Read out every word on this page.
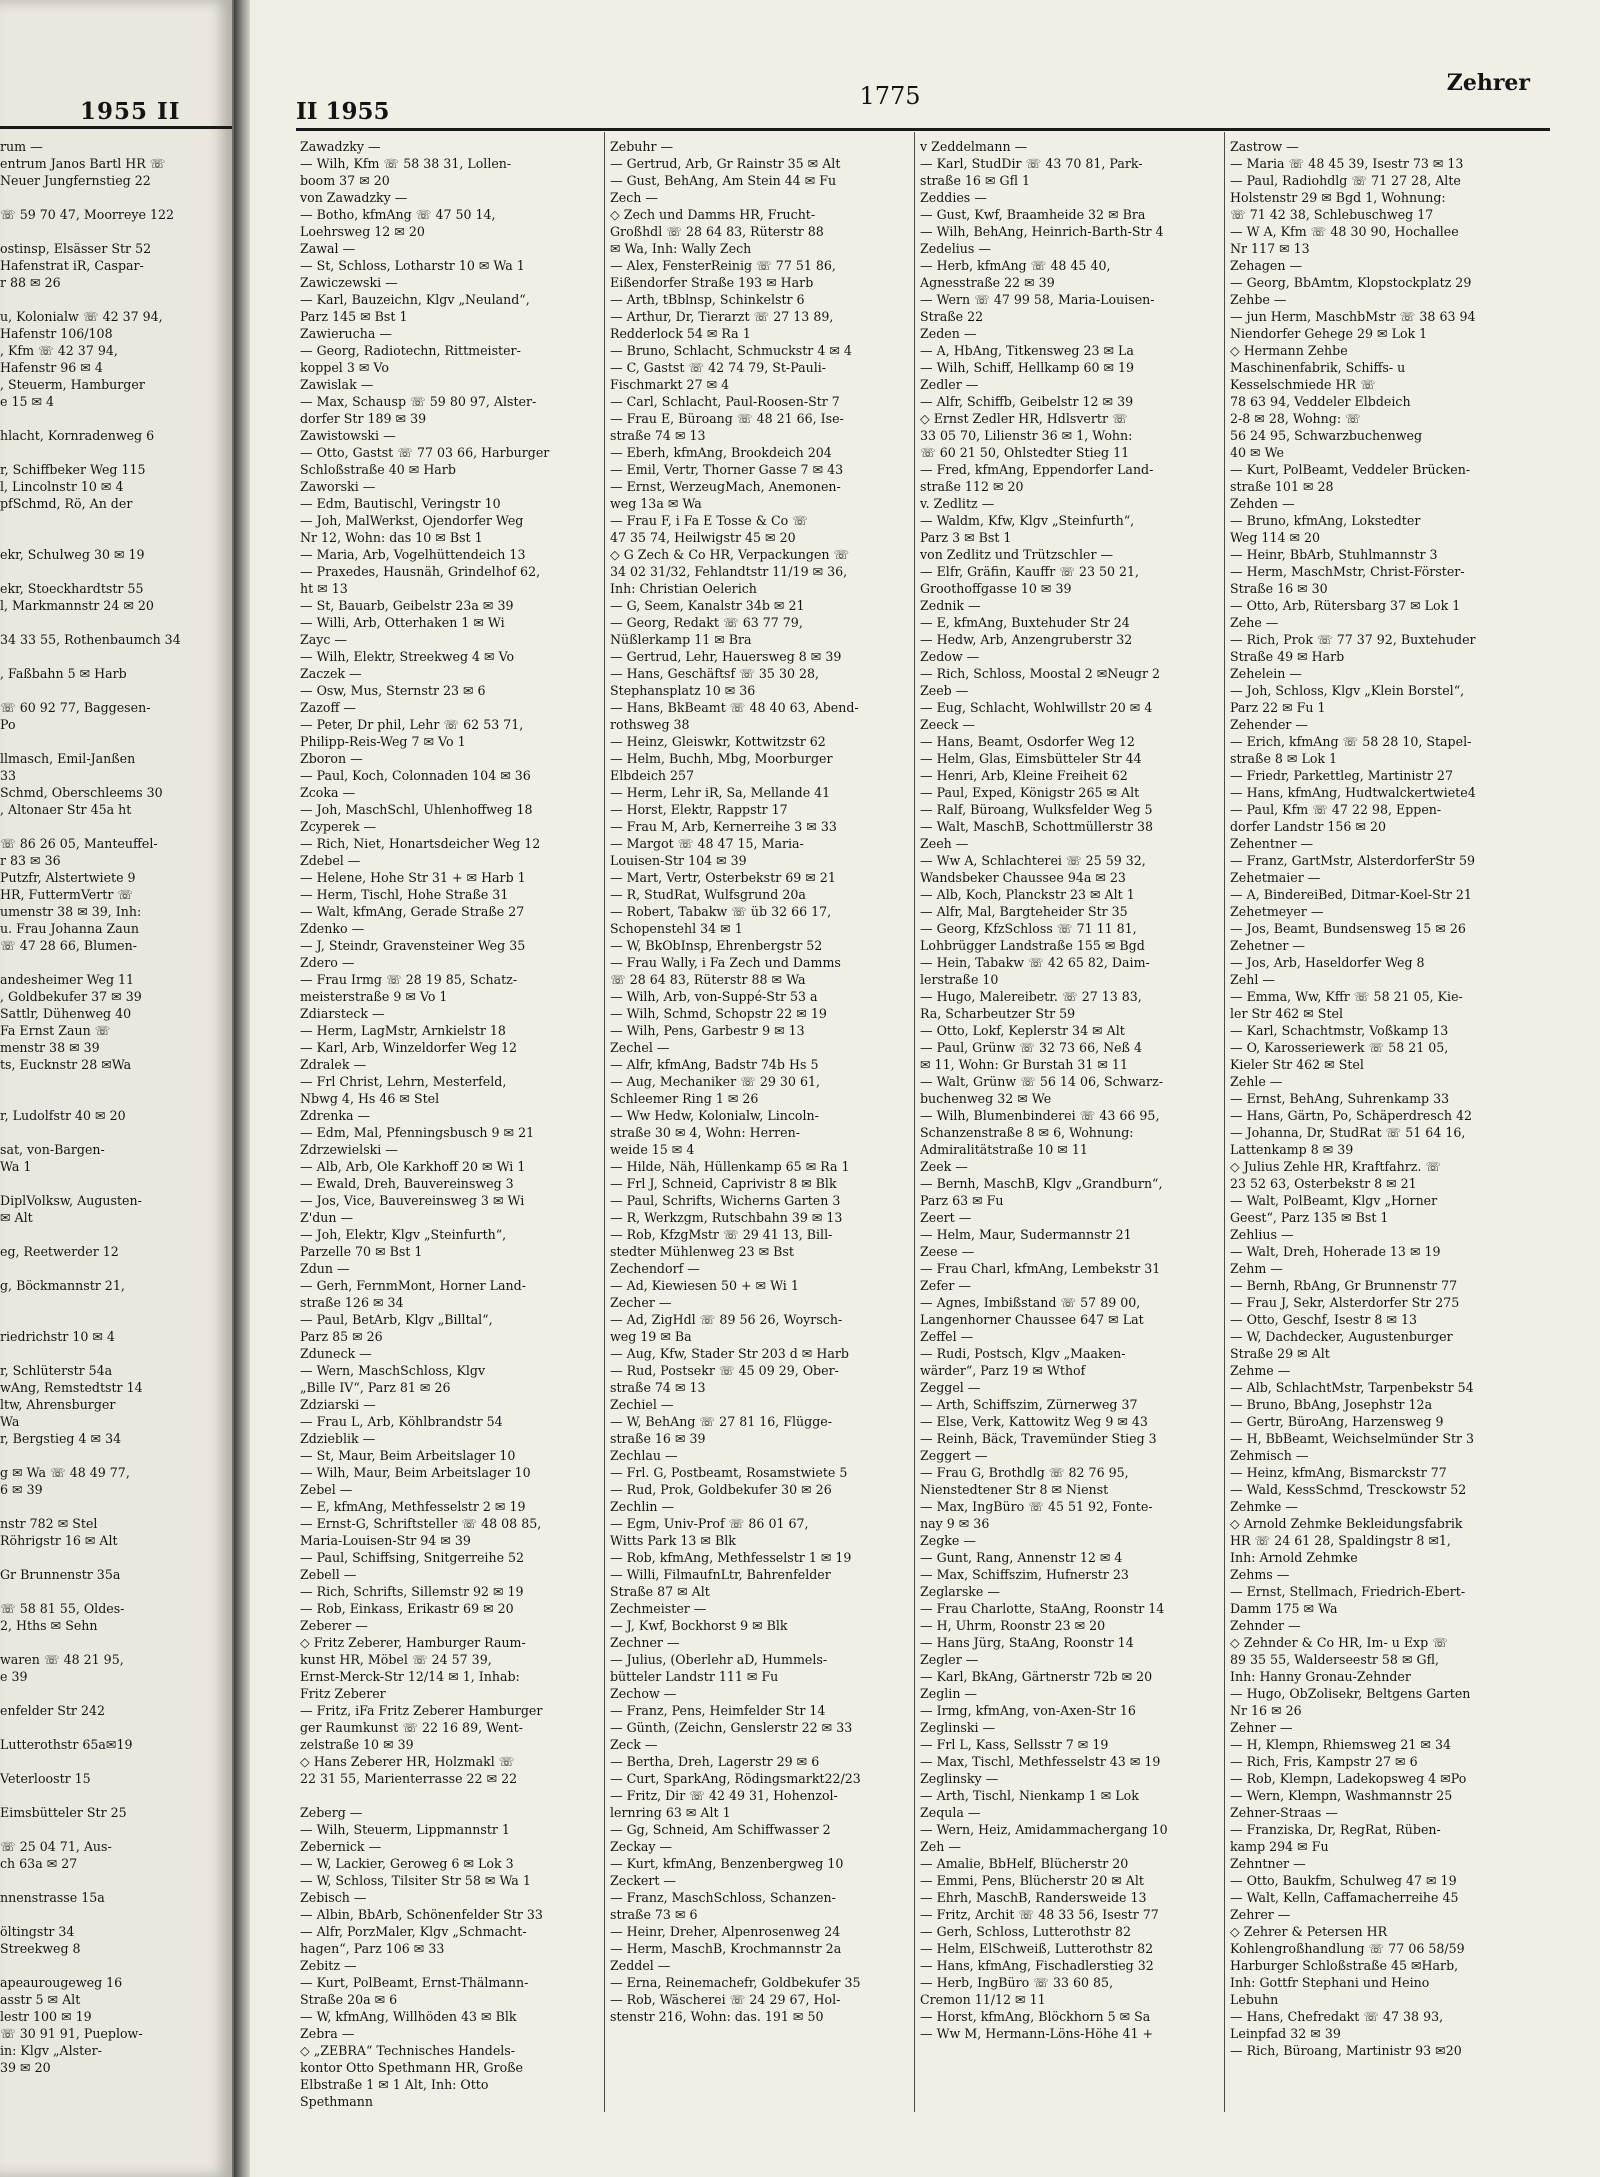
1955 II
rum —
entrum Janos Bartl HR ☏
Neuer Jungfernstieg 22
☏ 59 70 47, Moorreye 122
ostinsp, Elsässer Str 52
Hafenstrat iR, Caspar-
r 88 ✉ 26
u, Kolonialw ☏ 42 37 94,
Hafenstr 106/108
, Kfm ☏ 42 37 94,
Hafenstr 96 ✉ 4
, Steuerm, Hamburger
e 15 ✉ 4
hlacht, Kornradenweg 6
r, Schiffbeker Weg 115
l, Lincolnstr 10 ✉ 4
pfSchmd, Rö, An der
ekr, Schulweg 30 ✉ 19
ekr, Stoeckhardtstr 55
l, Markmannstr 24 ✉ 20
34 33 55, Rothenbaumch 34
, Faßbahn 5 ✉ Harb
☏ 60 92 77, Baggesen-
Po
llmasch, Emil-Janßen
33
Schmd, Oberschleems 30
, Altonaer Str 45a ht
☏ 86 26 05, Manteuffel-
r 83 ✉ 36
Putzfr, Alstertwiete 9
HR, FuttermVertr ☏
umenstr 38 ✉ 39, Inh:
u. Frau Johanna Zaun
☏ 47 28 66, Blumen-
andesheimer Weg 11
, Goldbekufer 37 ✉ 39
Sattlr, Dühenweg 40
Fa Ernst Zaun ☏
menstr 38 ✉ 39
ts, Eucknstr 28 ✉Wa
r, Ludolfstr 40 ✉ 20
sat, von-Bargen-
Wa 1
DiplVolksw, Augusten-
✉ Alt
eg, Reetwerder 12
g, Böckmannstr 21,
riedrichstr 10 ✉ 4
r, Schlüterstr 54a
wAng, Remstedtstr 14
ltw, Ahrensburger
Wa
r, Bergstieg 4 ✉ 34
g ✉ Wa ☏ 48 49 77,
6 ✉ 39
nstr 782 ✉ Stel
Röhrigstr 16 ✉ Alt
Gr Brunnenstr 35a
☏ 58 81 55, Oldes-
2, Hths ✉ Sehn
waren ☏ 48 21 95,
e 39
enfelder Str 242
Lutterothstr 65a✉19
Veterloostr 15
Eimsbütteler Str 25
☏ 25 04 71, Aus-
ch 63a ✉ 27
nnenstrasse 15a
öltingstr 34
Streekweg 8
apeaurougeweg 16
asstr 5 ✉ Alt
lestr 100 ✉ 19
☏ 30 91 91, Pueplow-
in: Klgv „Alster-
39 ✉ 20
II 1955
1775	Zehrer
Zawadzky —
— Wilh, Kfm ☏ 58 38 31, Lollen-
boom 37 ✉ 20
von Zawadzky —
— Botho, kfmAng ☏ 47 50 14,
Loehrsweg 12 ✉ 20
Zawal —
— St, Schloss, Lotharstr 10 ✉ Wa 1
Zawiczewski —
— Karl, Bauzeichn, Klgv „Neuland“,
Parz 145 ✉ Bst 1
Zawierucha —
— Georg, Radiotechn, Rittmeister-
koppel 3 ✉ Vo
Zawislak —
— Max, Schausp ☏ 59 80 97, Alster-
dorfer Str 189 ✉ 39
Zawistowski —
— Otto, Gastst ☏ 77 03 66, Harburger
Schloßstraße 40 ✉ Harb
Zaworski —
— Edm, Bautischl, Veringstr 10
— Joh, MalWerkst, Ojendorfer Weg
Nr 12, Wohn: das 10 ✉ Bst 1
— Maria, Arb, Vogelhüttendeich 13
— Praxedes, Hausnäh, Grindelhof 62,
ht ✉ 13
— St, Bauarb, Geibelstr 23a ✉ 39
— Willi, Arb, Otterhaken 1 ✉ Wi
Zayc —
— Wilh, Elektr, Streekweg 4 ✉ Vo
Zaczek —
— Osw, Mus, Sternstr 23 ✉ 6
Zazoff —
— Peter, Dr phil, Lehr ☏ 62 53 71,
Philipp-Reis-Weg 7 ✉ Vo 1
Zboron —
— Paul, Koch, Colonnaden 104 ✉ 36
Zcoka —
— Joh, MaschSchl, Uhlenhoffweg 18
Zcyperek —
— Rich, Niet, Honartsdeicher Weg 12
Zdebel —
— Helene, Hohe Str 31 + ✉ Harb 1
— Herm, Tischl, Hohe Straße 31
— Walt, kfmAng, Gerade Straße 27
Zdenko —
— J, Steindr, Gravensteiner Weg 35
Zdero —
— Frau Irmg ☏ 28 19 85, Schatz-
meisterstraße 9 ✉ Vo 1
Zdiarsteck —
— Herm, LagMstr, Arnkielstr 18
— Karl, Arb, Winzeldorfer Weg 12
Zdralek —
— Frl Christ, Lehrn, Mesterfeld,
Nbwg 4, Hs 46 ✉ Stel
Zdrenka —
— Edm, Mal, Pfenningsbusch 9 ✉ 21
Zdrzewielski —
— Alb, Arb, Ole Karkhoff 20 ✉ Wi 1
— Ewald, Dreh, Bauvereinsweg 3
— Jos, Vice, Bauvereinsweg 3 ✉ Wi
Z'dun —
— Joh, Elektr, Klgv „Steinfurth“,
Parzelle 70 ✉ Bst 1
Zdun —
— Gerh, FernmMont, Horner Land-
straße 126 ✉ 34
— Paul, BetArb, Klgv „Billtal“,
Parz 85 ✉ 26
Zduneck —
— Wern, MaschSchloss, Klgv
„Bille IV“, Parz 81 ✉ 26
Zdziarski —
— Frau L, Arb, Köhlbrandstr 54
Zdzieblik —
— St, Maur, Beim Arbeitslager 10
— Wilh, Maur, Beim Arbeitslager 10
Zebel —
— E, kfmAng, Methfesselstr 2 ✉ 19
— Ernst-G, Schriftsteller ☏ 48 08 85,
Maria-Louisen-Str 94 ✉ 39
— Paul, Schiffsing, Snitgerreihe 52
Zebell —
— Rich, Schrifts, Sillemstr 92 ✉ 19
— Rob, Einkass, Erikastr 69 ✉ 20
Zeberer —
◇ Fritz Zeberer, Hamburger Raum-
kunst HR, Möbel ☏ 24 57 39,
Ernst-Merck-Str 12/14 ✉ 1, Inhab:
Fritz Zeberer
— Fritz, iFa Fritz Zeberer Hamburger
ger Raumkunst ☏ 22 16 89, Went-
zelstraße 10 ✉ 39
◇ Hans Zeberer HR, Holzmakl ☏
22 31 55, Marienterrasse 22 ✉ 22
Zeberg —
— Wilh, Steuerm, Lippmannstr 1
Zebernick —
— W, Lackier, Geroweg 6 ✉ Lok 3
— W, Schloss, Tilsiter Str 58 ✉ Wa 1
Zebisch —
— Albin, BbArb, Schönenfelder Str 33
— Alfr, PorzMaler, Klgv „Schmacht-
hagen“, Parz 106 ✉ 33
Zebitz —
— Kurt, PolBeamt, Ernst-Thälmann-
Straße 20a ✉ 6
— W, kfmAng, Willhöden 43 ✉ Blk
Zebra —
◇ „ZEBRA“ Technisches Handels-
kontor Otto Spethmann HR, Große
Elbstraße 1 ✉ 1 Alt, Inh: Otto
Spethmann
Zebuhr —
— Gertrud, Arb, Gr Rainstr 35 ✉ Alt
— Gust, BehAng, Am Stein 44 ✉ Fu
Zech —
◇ Zech und Damms HR, Frucht-
Großhdl ☏ 28 64 83, Rüterstr 88
✉ Wa, Inh: Wally Zech
— Alex, FensterReinig ☏ 77 51 86,
Eißendorfer Straße 193 ✉ Harb
— Arth, tBblnsp, Schinkelstr 6
— Arthur, Dr, Tierarzt ☏ 27 13 89,
Redderlock 54 ✉ Ra 1
— Bruno, Schlacht, Schmuckstr 4 ✉ 4
— C, Gastst ☏ 42 74 79, St-Pauli-
Fischmarkt 27 ✉ 4
— Carl, Schlacht, Paul-Roosen-Str 7
— Frau E, Büroang ☏ 48 21 66, Ise-
straße 74 ✉ 13
— Eberh, kfmAng, Brookdeich 204
— Emil, Vertr, Thorner Gasse 7 ✉ 43
— Ernst, WerzeugMach, Anemonen-
weg 13a ✉ Wa
— Frau F, i Fa E Tosse & Co ☏
47 35 74, Heilwigstr 45 ✉ 20
◇ G Zech & Co HR, Verpackungen ☏
34 02 31/32, Fehlandtstr 11/19 ✉ 36,
Inh: Christian Oelerich
— G, Seem, Kanalstr 34b ✉ 21
— Georg, Redakt ☏ 63 77 79,
Nüßlerkamp 11 ✉ Bra
— Gertrud, Lehr, Hauersweg 8 ✉ 39
— Hans, Geschäftsf ☏ 35 30 28,
Stephansplatz 10 ✉ 36
— Hans, BkBeamt ☏ 48 40 63, Abend-
rothsweg 38
— Heinz, Gleiswkr, Kottwitzstr 62
— Helm, Buchh, Mbg, Moorburger
Elbdeich 257
— Herm, Lehr iR, Sa, Mellande 41
— Horst, Elektr, Rappstr 17
— Frau M, Arb, Kernerreihe 3 ✉ 33
— Margot ☏ 48 47 15, Maria-
Louisen-Str 104 ✉ 39
— Mart, Vertr, Osterbekstr 69 ✉ 21
— R, StudRat, Wulfsgrund 20a
— Robert, Tabakw ☏ üb 32 66 17,
Schopenstehl 34 ✉ 1
— W, BkObInsp, Ehrenbergstr 52
— Frau Wally, i Fa Zech und Damms
☏ 28 64 83, Rüterstr 88 ✉ Wa
— Wilh, Arb, von-Suppé-Str 53 a
— Wilh, Schmd, Schopstr 22 ✉ 19
— Wilh, Pens, Garbestr 9 ✉ 13
Zechel —
— Alfr, kfmAng, Badstr 74b Hs 5
— Aug, Mechaniker ☏ 29 30 61,
Schleemer Ring 1 ✉ 26
— Ww Hedw, Kolonialw, Lincoln-
straße 30 ✉ 4, Wohn: Herren-
weide 15 ✉ 4
— Hilde, Näh, Hüllenkamp 65 ✉ Ra 1
— Frl J, Schneid, Caprivistr 8 ✉ Blk
— Paul, Schrifts, Wicherns Garten 3
— R, Werkzgm, Rutschbahn 39 ✉ 13
— Rob, KfzgMstr ☏ 29 41 13, Bill-
stedter Mühlenweg 23 ✉ Bst
Zechendorf —
— Ad, Kiewiesen 50 + ✉ Wi 1
Zecher —
— Ad, ZigHdl ☏ 89 56 26, Woyrsch-
weg 19 ✉ Ba
— Aug, Kfw, Stader Str 203 d ✉ Harb
— Rud, Postsekr ☏ 45 09 29, Ober-
straße 74 ✉ 13
Zechiel —
— W, BehAng ☏ 27 81 16, Flügge-
straße 16 ✉ 39
Zechlau —
— Frl. G, Postbeamt, Rosamstwiete 5
— Rud, Prok, Goldbekufer 30 ✉ 26
Zechlin —
— Egm, Univ-Prof ☏ 86 01 67,
Witts Park 13 ✉ Blk
— Rob, kfmAng, Methfesselstr 1 ✉ 19
— Willi, FilmaufnLtr, Bahrenfelder
Straße 87 ✉ Alt
Zechmeister —
— J, Kwf, Bockhorst 9 ✉ Blk
Zechner —
— Julius, (Oberlehr aD, Hummels-
bütteler Landstr 111 ✉ Fu
Zechow —
— Franz, Pens, Heimfelder Str 14
— Günth, (Zeichn, Genslerstr 22 ✉ 33
Zeck —
— Bertha, Dreh, Lagerstr 29 ✉ 6
— Curt, SparkAng, Rödingsmarkt22/23
— Fritz, Dir ☏ 42 49 31, Hohenzol-
lernring 63 ✉ Alt 1
— Gg, Schneid, Am Schiffwasser 2
Zeckay —
— Kurt, kfmAng, Benzenbergweg 10
Zeckert —
— Franz, MaschSchloss, Schanzen-
straße 73 ✉ 6
— Heinr, Dreher, Alpenrosenweg 24
— Herm, MaschB, Krochmannstr 2a
Zeddel —
— Erna, Reinemachefr, Goldbekufer 35
— Rob, Wäscherei ☏ 24 29 67, Hol-
stenstr 216, Wohn: das. 191 ✉ 50
v Zeddelmann —
— Karl, StudDir ☏ 43 70 81, Park-
straße 16 ✉ Gfl 1
Zeddies —
— Gust, Kwf, Braamheide 32 ✉ Bra
— Wilh, BehAng, Heinrich-Barth-Str 4
Zedelius —
— Herb, kfmAng ☏ 48 45 40,
Agnesstraße 22 ✉ 39
— Wern ☏ 47 99 58, Maria-Louisen-
Straße 22
Zeden —
— A, HbAng, Titkensweg 23 ✉ La
— Wilh, Schiff, Hellkamp 60 ✉ 19
Zedler —
— Alfr, Schiffb, Geibelstr 12 ✉ 39
◇ Ernst Zedler HR, Hdlsvertr ☏
33 05 70, Lilienstr 36 ✉ 1, Wohn:
☏ 60 21 50, Ohlstedter Stieg 11
— Fred, kfmAng, Eppendorfer Land-
straße 112 ✉ 20
v. Zedlitz —
— Waldm, Kfw, Klgv „Steinfurth“,
Parz 3 ✉ Bst 1
von Zedlitz und Trützschler —
— Elfr, Gräfin, Kauffr ☏ 23 50 21,
Groothoffgasse 10 ✉ 39
Zednik —
— E, kfmAng, Buxtehuder Str 24
— Hedw, Arb, Anzengruberstr 32
Zedow —
— Rich, Schloss, Moostal 2 ✉Neugr 2
Zeeb —
— Eug, Schlacht, Wohlwillstr 20 ✉ 4
Zeeck —
— Hans, Beamt, Osdorfer Weg 12
— Helm, Glas, Eimsbütteler Str 44
— Henri, Arb, Kleine Freiheit 62
— Paul, Exped, Königstr 265 ✉ Alt
— Ralf, Büroang, Wulksfelder Weg 5
— Walt, MaschB, Schottmüllerstr 38
Zeeh —
— Ww A, Schlachterei ☏ 25 59 32,
Wandsbeker Chaussee 94a ✉ 23
— Alb, Koch, Planckstr 23 ✉ Alt 1
— Alfr, Mal, Bargteheider Str 35
— Georg, KfzSchloss ☏ 71 11 81,
Lohbrügger Landstraße 155 ✉ Bgd
— Hein, Tabakw ☏ 42 65 82, Daim-
lerstraße 10
— Hugo, Malereibetr. ☏ 27 13 83,
Ra, Scharbeutzer Str 59
— Otto, Lokf, Keplerstr 34 ✉ Alt
— Paul, Grünw ☏ 32 73 66, Neß 4
✉ 11, Wohn: Gr Burstah 31 ✉ 11
— Walt, Grünw ☏ 56 14 06, Schwarz-
buchenweg 32 ✉ We
— Wilh, Blumenbinderei ☏ 43 66 95,
Schanzenstraße 8 ✉ 6, Wohnung:
Admiralitätstraße 10 ✉ 11
Zeek —
— Bernh, MaschB, Klgv „Grandburn“,
Parz 63 ✉ Fu
Zeert —
— Helm, Maur, Sudermannstr 21
Zeese —
— Frau Charl, kfmAng, Lembekstr 31
Zefer —
— Agnes, Imbißstand ☏ 57 89 00,
Langenhorner Chaussee 647 ✉ Lat
Zeffel —
— Rudi, Postsch, Klgv „Maaken-
wärder“, Parz 19 ✉ Wthof
Zeggel —
— Arth, Schiffszim, Zürnerweg 37
— Else, Verk, Kattowitz Weg 9 ✉ 43
— Reinh, Bäck, Travemünder Stieg 3
Zeggert —
— Frau G, Brothdlg ☏ 82 76 95,
Nienstedtener Str 8 ✉ Nienst
— Max, IngBüro ☏ 45 51 92, Fonte-
nay 9 ✉ 36
Zegke —
— Gunt, Rang, Annenstr 12 ✉ 4
— Max, Schiffszim, Hufnerstr 23
Zeglarske —
— Frau Charlotte, StaAng, Roonstr 14
— H, Uhrm, Roonstr 23 ✉ 20
— Hans Jürg, StaAng, Roonstr 14
Zegler —
— Karl, BkAng, Gärtnerstr 72b ✉ 20
Zeglin —
— Irmg, kfmAng, von-Axen-Str 16
Zeglinski —
— Frl L, Kass, Sellsstr 7 ✉ 19
— Max, Tischl, Methfesselstr 43 ✉ 19
Zeglinsky —
— Arth, Tischl, Nienkamp 1 ✉ Lok
Zequla —
— Wern, Heiz, Amidammachergang 10
Zeh —
— Amalie, BbHelf, Blücherstr 20
— Emmi, Pens, Blücherstr 20 ✉ Alt
— Ehrh, MaschB, Randersweide 13
— Fritz, Archit ☏ 48 33 56, Isestr 77
— Gerh, Schloss, Lutterothstr 82
— Helm, ElSchweiß, Lutterothstr 82
— Hans, kfmAng, Fischadlerstieg 32
— Herb, IngBüro ☏ 33 60 85,
Cremon 11/12 ✉ 11
— Horst, kfmAng, Blöckhorn 5 ✉ Sa
— Ww M, Hermann-Löns-Höhe 41 +
Zastrow —
— Maria ☏ 48 45 39, Isestr 73 ✉ 13
— Paul, Radiohdlg ☏ 71 27 28, Alte
Holstenstr 29 ✉ Bgd 1, Wohnung:
☏ 71 42 38, Schlebuschweg 17
— W A, Kfm ☏ 48 30 90, Hochallee
Nr 117 ✉ 13
Zehagen —
— Georg, BbAmtm, Klopstockplatz 29
Zehbe —
— jun Herm, MaschbMstr ☏ 38 63 94
Niendorfer Gehege 29 ✉ Lok 1
◇ Hermann Zehbe
Maschinenfabrik, Schiffs- u
Kesselschmiede HR ☏
78 63 94, Veddeler Elbdeich
2-8 ✉ 28, Wohng: ☏
56 24 95, Schwarzbuchenweg
40 ✉ We
— Kurt, PolBeamt, Veddeler Brücken-
straße 101 ✉ 28
Zehden —
— Bruno, kfmAng, Lokstedter
Weg 114 ✉ 20
— Heinr, BbArb, Stuhlmannstr 3
— Herm, MaschMstr, Christ-Förster-
Straße 16 ✉ 30
— Otto, Arb, Rütersbarg 37 ✉ Lok 1
Zehe —
— Rich, Prok ☏ 77 37 92, Buxtehuder
Straße 49 ✉ Harb
Zehelein —
— Joh, Schloss, Klgv „Klein Borstel“,
Parz 22 ✉ Fu 1
Zehender —
— Erich, kfmAng ☏ 58 28 10, Stapel-
straße 8 ✉ Lok 1
— Friedr, Parkettleg, Martinistr 27
— Hans, kfmAng, Hudtwalckertwiete4
— Paul, Kfm ☏ 47 22 98, Eppen-
dorfer Landstr 156 ✉ 20
Zehentner —
— Franz, GartMstr, AlsterdorferStr 59
Zehetmaier —
— A, BindereiBed, Ditmar-Koel-Str 21
Zehetmeyer —
— Jos, Beamt, Bundsensweg 15 ✉ 26
Zehetner —
— Jos, Arb, Haseldorfer Weg 8
Zehl —
— Emma, Ww, Kffr ☏ 58 21 05, Kie-
ler Str 462 ✉ Stel
— Karl, Schachtmstr, Voßkamp 13
— O, Karosseriewerk ☏ 58 21 05,
Kieler Str 462 ✉ Stel
Zehle —
— Ernst, BehAng, Suhrenkamp 33
— Hans, Gärtn, Po, Schäperdresch 42
— Johanna, Dr, StudRat ☏ 51 64 16,
Lattenkamp 8 ✉ 39
◇ Julius Zehle HR, Kraftfahrz. ☏
23 52 63, Osterbekstr 8 ✉ 21
— Walt, PolBeamt, Klgv „Horner
Geest“, Parz 135 ✉ Bst 1
Zehlius —
— Walt, Dreh, Hoherade 13 ✉ 19
Zehm —
— Bernh, RbAng, Gr Brunnenstr 77
— Frau J, Sekr, Alsterdorfer Str 275
— Otto, Geschf, Isestr 8 ✉ 13
— W, Dachdecker, Augustenburger
Straße 29 ✉ Alt
Zehme —
— Alb, SchlachtMstr, Tarpenbekstr 54
— Bruno, BbAng, Josephstr 12a
— Gertr, BüroAng, Harzensweg 9
— H, BbBeamt, Weichselmünder Str 3
Zehmisch —
— Heinz, kfmAng, Bismarckstr 77
— Wald, KessSchmd, Tresckowstr 52
Zehmke —
◇ Arnold Zehmke Bekleidungsfabrik
HR ☏ 24 61 28, Spaldingstr 8 ✉1,
Inh: Arnold Zehmke
Zehms —
— Ernst, Stellmach, Friedrich-Ebert-
Damm 175 ✉ Wa
Zehnder —
◇ Zehnder & Co HR, Im- u Exp ☏
89 35 55, Walderseestr 58 ✉ Gfl,
Inh: Hanny Gronau-Zehnder
— Hugo, ObZolisekr, Beltgens Garten
Nr 16 ✉ 26
Zehner —
— H, Klempn, Rhiemsweg 21 ✉ 34
— Rich, Fris, Kampstr 27 ✉ 6
— Rob, Klempn, Ladekopsweg 4 ✉Po
— Wern, Klempn, Washmannstr 25
Zehner-Straas —
— Franziska, Dr, RegRat, Rüben-
kamp 294 ✉ Fu
Zehntner —
— Otto, Baukfm, Schulweg 47 ✉ 19
— Walt, Kelln, Caffamacherreihe 45
Zehrer —
◇ Zehrer & Petersen HR
Kohlengroßhandlung ☏ 77 06 58/59
Harburger Schloßstraße 45 ✉Harb,
Inh: Gottfr Stephani und Heino
Lebuhn
— Hans, Chefredakt ☏ 47 38 93,
Leinpfad 32 ✉ 39
— Rich, Büroang, Martinistr 93 ✉20
